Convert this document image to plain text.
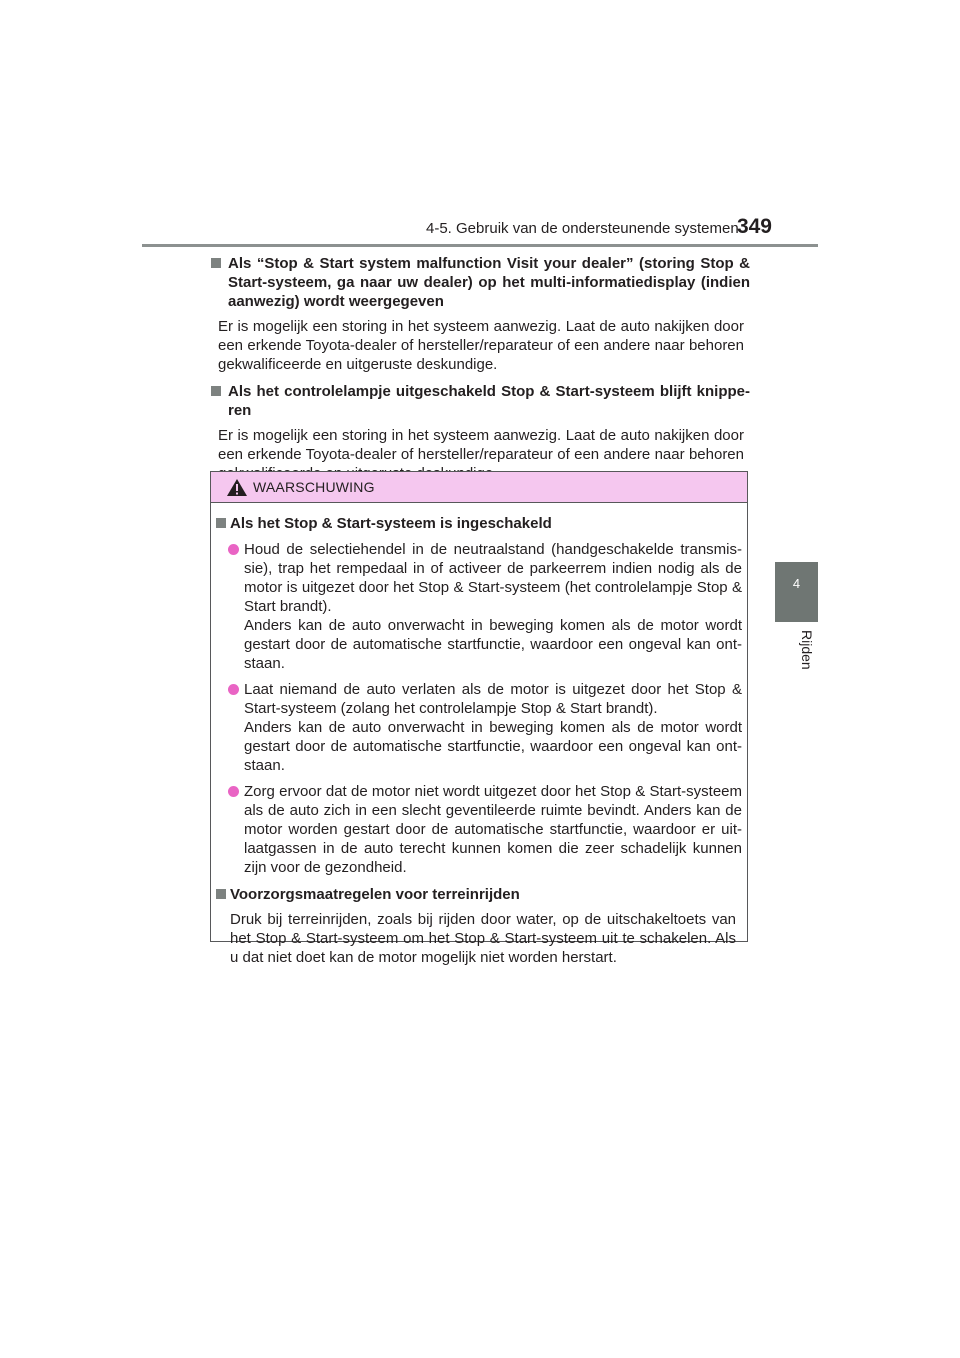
4-5. Gebruik van de ondersteunende systemen
349
4
Rijden
Als “Stop & Start system malfunction Visit your dealer” (storing Stop & Start-systeem, ga naar uw dealer) op het multi-informatiedisplay (indien aanwezig) wordt weergegeven
Er is mogelijk een storing in het systeem aanwezig. Laat de auto nakijken door een erkende Toyota-dealer of hersteller/reparateur of een andere naar behoren gekwalificeerde en uitgeruste deskundige.
Als het controlelampje uitgeschakeld Stop & Start-systeem blijft knippe-ren
Er is mogelijk een storing in het systeem aanwezig. Laat de auto nakijken door een erkende Toyota-dealer of hersteller/reparateur of een andere naar behoren
WAARSCHUWING
Als het Stop & Start-systeem is ingeschakeld
Houd de selectiehendel in de neutraalstand (handgeschakelde transmis-sie), trap het rempedaal in of activeer de parkeerrem indien nodig als de motor is uitgezet door het Stop & Start-systeem (het controlelampje Stop & Start brandt).
Anders kan de auto onverwacht in beweging komen als de motor wordt gestart door de automatische startfunctie, waardoor een ongeval kan ont-staan.
Laat niemand de auto verlaten als de motor is uitgezet door het Stop & Start-systeem (zolang het controlelampje Stop & Start brandt).
Anders kan de auto onverwacht in beweging komen als de motor wordt gestart door de automatische startfunctie, waardoor een ongeval kan ont-staan.
Zorg ervoor dat de motor niet wordt uitgezet door het Stop & Start-systeem als de auto zich in een slecht geventileerde ruimte bevindt. Anders kan de motor worden gestart door de automatische startfunctie, waardoor er uit-laatgassen in de auto terecht kunnen komen die zeer schadelijk kunnen zijn voor de gezondheid.
Voorzorgsmaatregelen voor terreinrijden
Druk bij terreinrijden, zoals bij rijden door water, op de uitschakeltoets van het Stop & Start-systeem om het Stop & Start-systeem uit te schakelen. Als u dat niet doet kan de motor mogelijk niet worden herstart.
